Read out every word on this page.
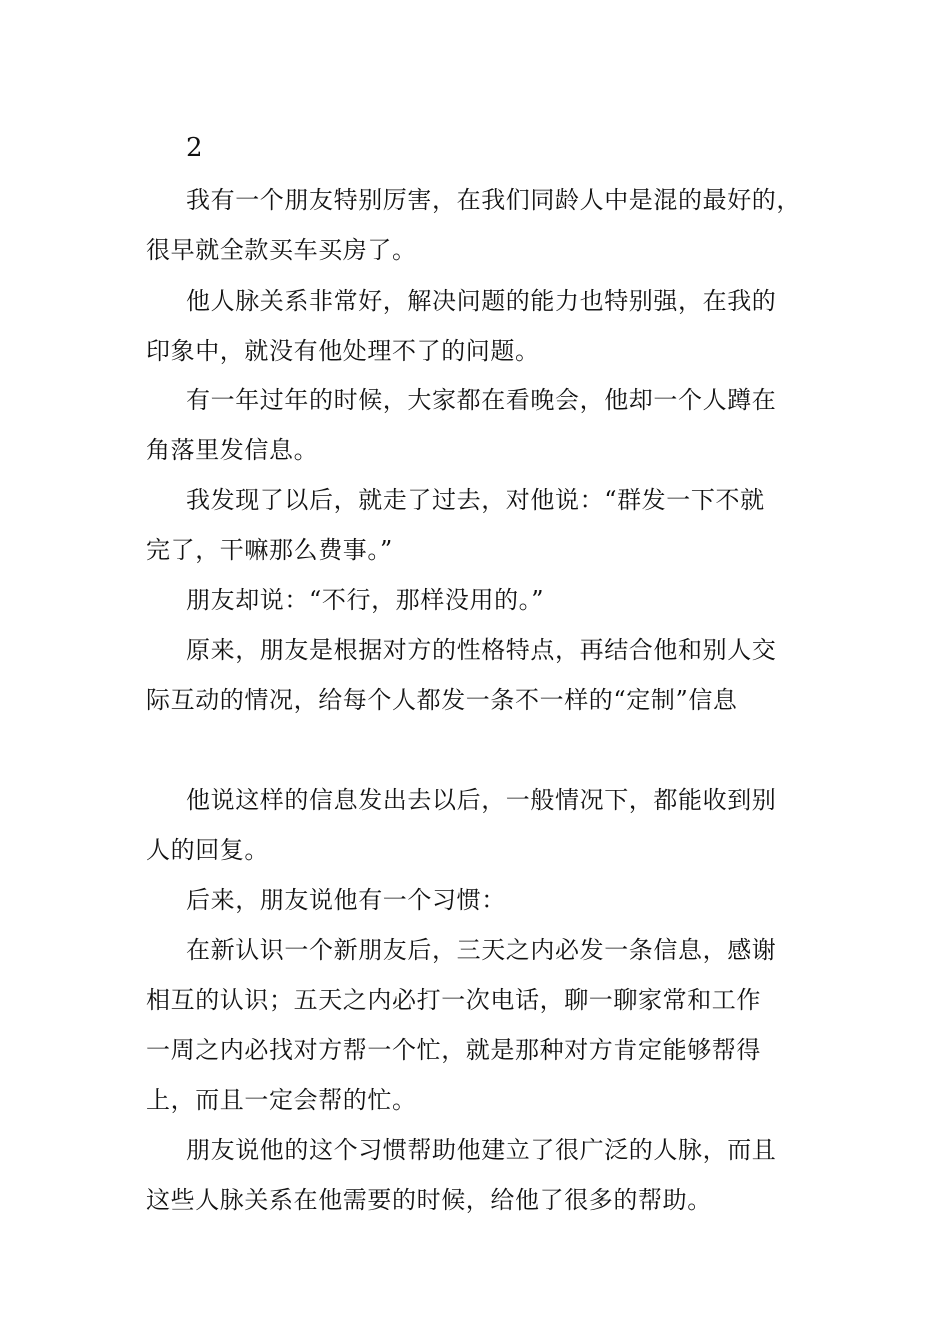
2
我有一个朋友特别厉害，在我们同龄人中是混的最好的，
很早就全款买车买房了。
他人脉关系非常好，解决问题的能力也特别强，在我的
印象中，就没有他处理不了的问题。
有一年过年的时候，大家都在看晚会，他却一个人蹲在
角落里发信息。
我发现了以后，就走了过去，对他说：“群发一下不就
完了，干嘛那么费事。”
朋友却说：“不行，那样没用的。”
原来，朋友是根据对方的性格特点，再结合他和别人交
际互动的情况，给每个人都发一条不一样的“定制”信息
他说这样的信息发出去以后，一般情况下，都能收到别
人的回复。
后来，朋友说他有一个习惯：
在新认识一个新朋友后，三天之内必发一条信息，感谢
相互的认识；五天之内必打一次电话，聊一聊家常和工作
一周之内必找对方帮一个忙，就是那种对方肯定能够帮得
上，而且一定会帮的忙。
朋友说他的这个习惯帮助他建立了很广泛的人脉，而且
这些人脉关系在他需要的时候，给他了很多的帮助。
